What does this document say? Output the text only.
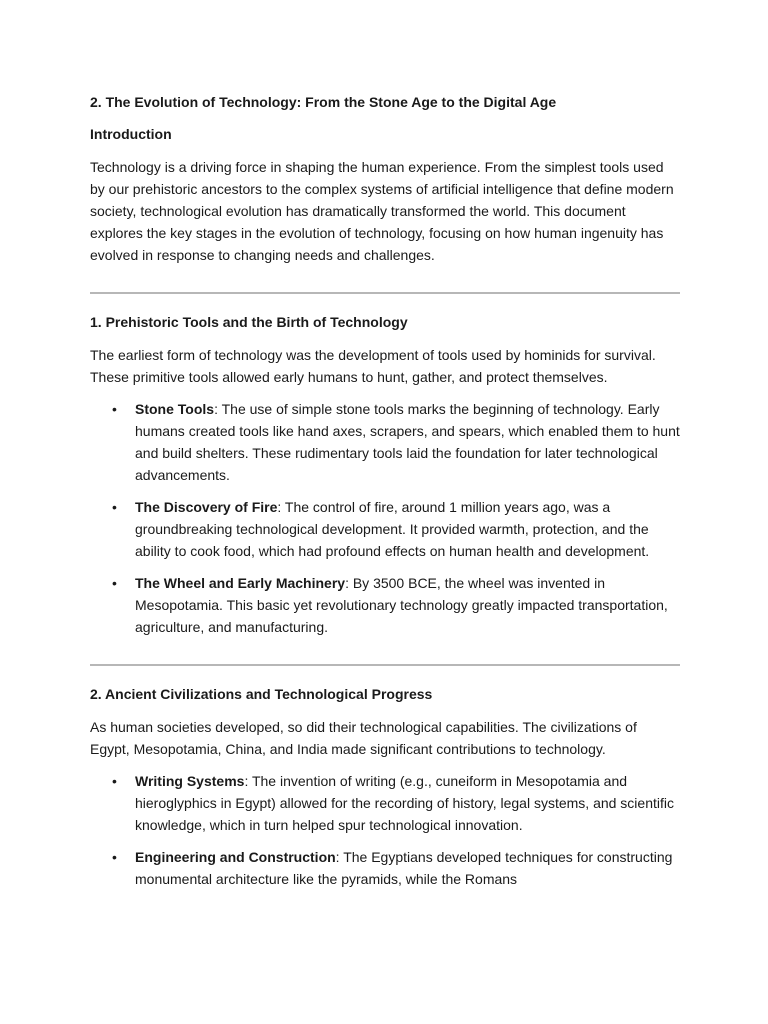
2. The Evolution of Technology: From the Stone Age to the Digital Age
Introduction

Technology is a driving force in shaping the human experience. From the simplest tools used by our prehistoric ancestors to the complex systems of artificial intelligence that define modern society, technological evolution has dramatically transformed the world. This document explores the key stages in the evolution of technology, focusing on how human ingenuity has evolved in response to changing needs and challenges.

1. Prehistoric Tools and the Birth of Technology

The earliest form of technology was the development of tools used by hominids for survival. These primitive tools allowed early humans to hunt, gather, and protect themselves.

• Stone Tools: The use of simple stone tools marks the beginning of technology. Early humans created tools like hand axes, scrapers, and spears, which enabled them to hunt and build shelters. These rudimentary tools laid the foundation for later technological advancements.
• The Discovery of Fire: The control of fire, around 1 million years ago, was a groundbreaking technological development. It provided warmth, protection, and the ability to cook food, which had profound effects on human health and development.
• The Wheel and Early Machinery: By 3500 BCE, the wheel was invented in Mesopotamia. This basic yet revolutionary technology greatly impacted transportation, agriculture, and manufacturing.
2. Ancient Civilizations and Technological Progress

As human societies developed, so did their technological capabilities. The civilizations of Egypt, Mesopotamia, China, and India made significant contributions to technology.

• Writing Systems: The invention of writing (e.g., cuneiform in Mesopotamia and hieroglyphics in Egypt) allowed for the recording of history, legal systems, and scientific knowledge, which in turn helped spur technological innovation.
• Engineering and Construction: The Egyptians developed techniques for constructing monumental architecture like the pyramids, while the Romans
